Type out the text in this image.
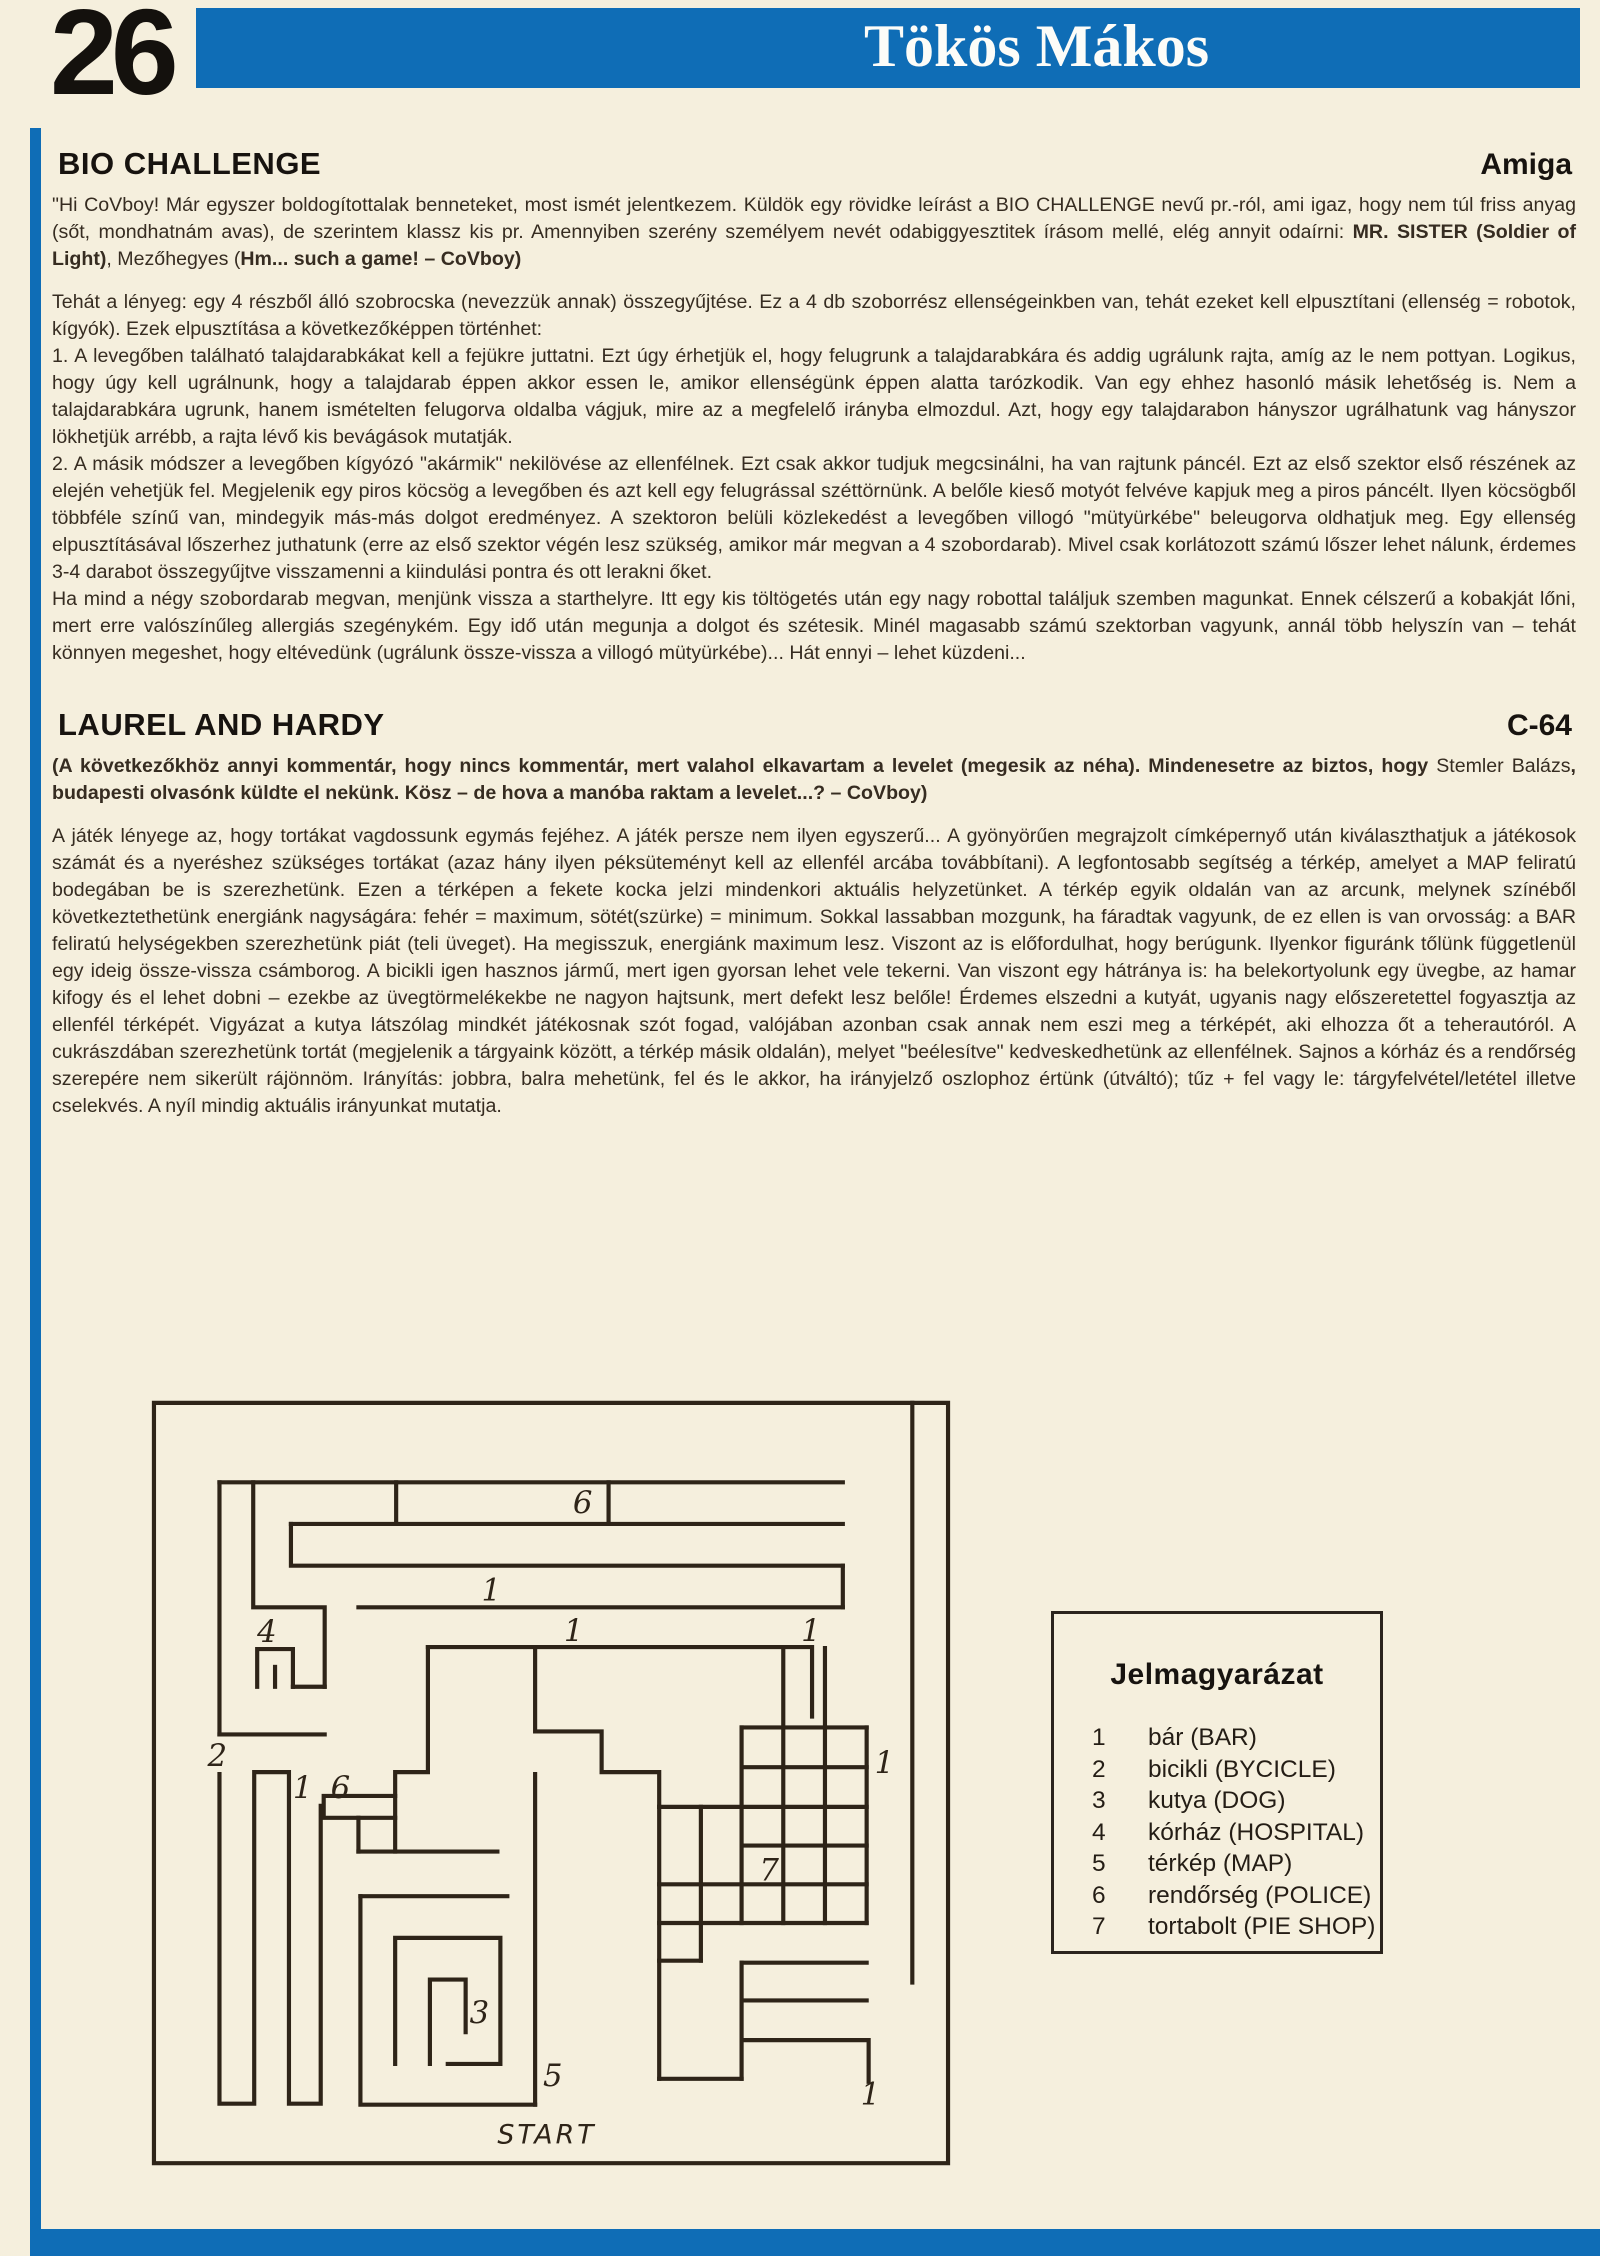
26	Tökös Mákos
BIO CHALLENGE	Amiga

"Hi CoVboy! Már egyszer boldogítottalak benneteket, most ismét jelentkezem. Küldök egy rövidke leírást a BIO CHALLENGE nevű pr.-ról, ami igaz, hogy nem túl friss anyag (sőt, mondhatnám avas), de szerintem klassz kis pr. Amennyiben szerény személyem nevét odabiggyesztitek írásom mellé, elég annyit odaírni: MR. SISTER (Soldier of Light), Mezőhegyes (Hm... such a game! – CoVboy)

Tehát a lényeg: egy 4 részből álló szobrocska (nevezzük annak) összegyűjtése. Ez a 4 db szoborrész ellenségeinkben van, tehát ezeket kell elpusztítani (ellenség = robotok, kígyók). Ezek elpusztítása a következőképpen történhet:

1. A levegőben található talajdarabkákat kell a fejükre juttatni. Ezt úgy érhetjük el, hogy felugrunk a talajdarabkára és addig ugrálunk rajta, amíg az le nem pottyan. Logikus, hogy úgy kell ugrálnunk, hogy a talajdarab éppen akkor essen le, amikor ellenségünk éppen alatta tarózkodik. Van egy ehhez hasonló másik lehetőség is. Nem a talajdarabkára ugrunk, hanem ismételten felugorva oldalba vágjuk, mire az a megfelelő irányba elmozdul. Azt, hogy egy talajdarabon hányszor ugrálhatunk vag hányszor lökhetjük arrébb, a rajta lévő kis bevágások mutatják.

2. A másik módszer a levegőben kígyózó "akármik" nekilövése az ellenfélnek. Ezt csak akkor tudjuk megcsinálni, ha van rajtunk páncél. Ezt az első szektor első részének az elején vehetjük fel. Megjelenik egy piros köcsög a levegőben és azt kell egy felugrással széttörnünk. A belőle kieső motyót felvéve kapjuk meg a piros páncélt. Ilyen köcsögből többféle színű van, mindegyik más-más dolgot eredményez. A szektoron belüli közlekedést a levegőben villogó "mütyürkébe" beleugorva oldhatjuk meg. Egy ellenség elpusztításával lőszerhez juthatunk (erre az első szektor végén lesz szükség, amikor már megvan a 4 szobordarab). Mivel csak korlátozott számú lőszer lehet nálunk, érdemes 3-4 darabot összegyűjtve visszamenni a kiindulási pontra és ott lerakni őket.

Ha mind a négy szobordarab megvan, menjünk vissza a starthelyre. Itt egy kis töltögetés után egy nagy robottal találjuk szemben magunkat. Ennek célszerű a kobakját lőni, mert erre valószínűleg allergiás szegénykém. Egy idő után megunja a dolgot és szétesik. Minél magasabb számú szektorban vagyunk, annál több helyszín van – tehát könnyen megeshet, hogy eltévedünk (ugrálunk össze-vissza a villogó mütyürkébe)... Hát ennyi – lehet küzdeni...

LAUREL AND HARDY	C-64

(A következőkhöz annyi kommentár, hogy nincs kommentár, mert valahol elkavartam a levelet (megesik az néha). Mindenesetre az biztos, hogy Stemler Balázs, budapesti olvasónk küldte el nekünk. Kösz – de hova a manóba raktam a levelet...? – CoVboy)

A játék lényege az, hogy tortákat vagdossunk egymás fejéhez. A játék persze nem ilyen egyszerű... A gyönyörűen megrajzolt címképernyő után kiválaszthatjuk a játékosok számát és a nyeréshez szükséges tortákat (azaz hány ilyen péksüteményt kell az ellenfél arcába továbbítani). A legfontosabb segítség a térkép, amelyet a MAP feliratú bodegában be is szerezhetünk. Ezen a térképen a fekete kocka jelzi mindenkori aktuális helyzetünket. A térkép egyik oldalán van az arcunk, melynek színéből következtethetünk energiánk nagyságára: fehér = maximum, sötét(szürke) = minimum. Sokkal lassabban mozgunk, ha fáradtak vagyunk, de ez ellen is van orvosság: a BAR feliratú helységekben szerezhetünk piát (teli üveget). Ha megisszuk, energiánk maximum lesz. Viszont az is előfordulhat, hogy berúgunk. Ilyenkor figuránk tőlünk függetlenül egy ideig össze-vissza csámborog. A bicikli igen hasznos jármű, mert igen gyorsan lehet vele tekerni. Van viszont egy hátránya is: ha belekortyolunk egy üvegbe, az hamar kifogy és el lehet dobni – ezekbe az üvegtörmelékekbe ne nagyon hajtsunk, mert defekt lesz belőle! Érdemes elszedni a kutyát, ugyanis nagy előszeretettel fogyasztja az ellenfél térképét. Vigyázat a kutya látszólag mindkét játékosnak szót fogad, valójában azonban csak annak nem eszi meg a térképét, aki elhozza őt a teherautóról. A cukrászdában szerezhetünk tortát (megjelenik a tárgyaink között, a térkép másik oldalán), melyet "beélesítve" kedveskedhetünk az ellenfélnek. Sajnos a kórház és a rendőrség szerepére nem sikerült rájönnöm. Irányítás: jobbra, balra mehetünk, fel és le akkor, ha irányjelző oszlophoz értünk (útváltó); tűz + fel vagy le: tárgyfelvétel/letétel illetve cselekvés. A nyíl mindig aktuális irányunkat mutatja.

6
1
4	1	1
2
1 6
1
7
3
5
1
START
Jelmagyarázat
1	bár (BAR)
2	bicikli (BYCICLE)
3	kutya (DOG)
4	kórház (HOSPITAL)
5	térkép (MAP)
6	rendőrség (POLICE)
7	tortabolt (PIE SHOP)
